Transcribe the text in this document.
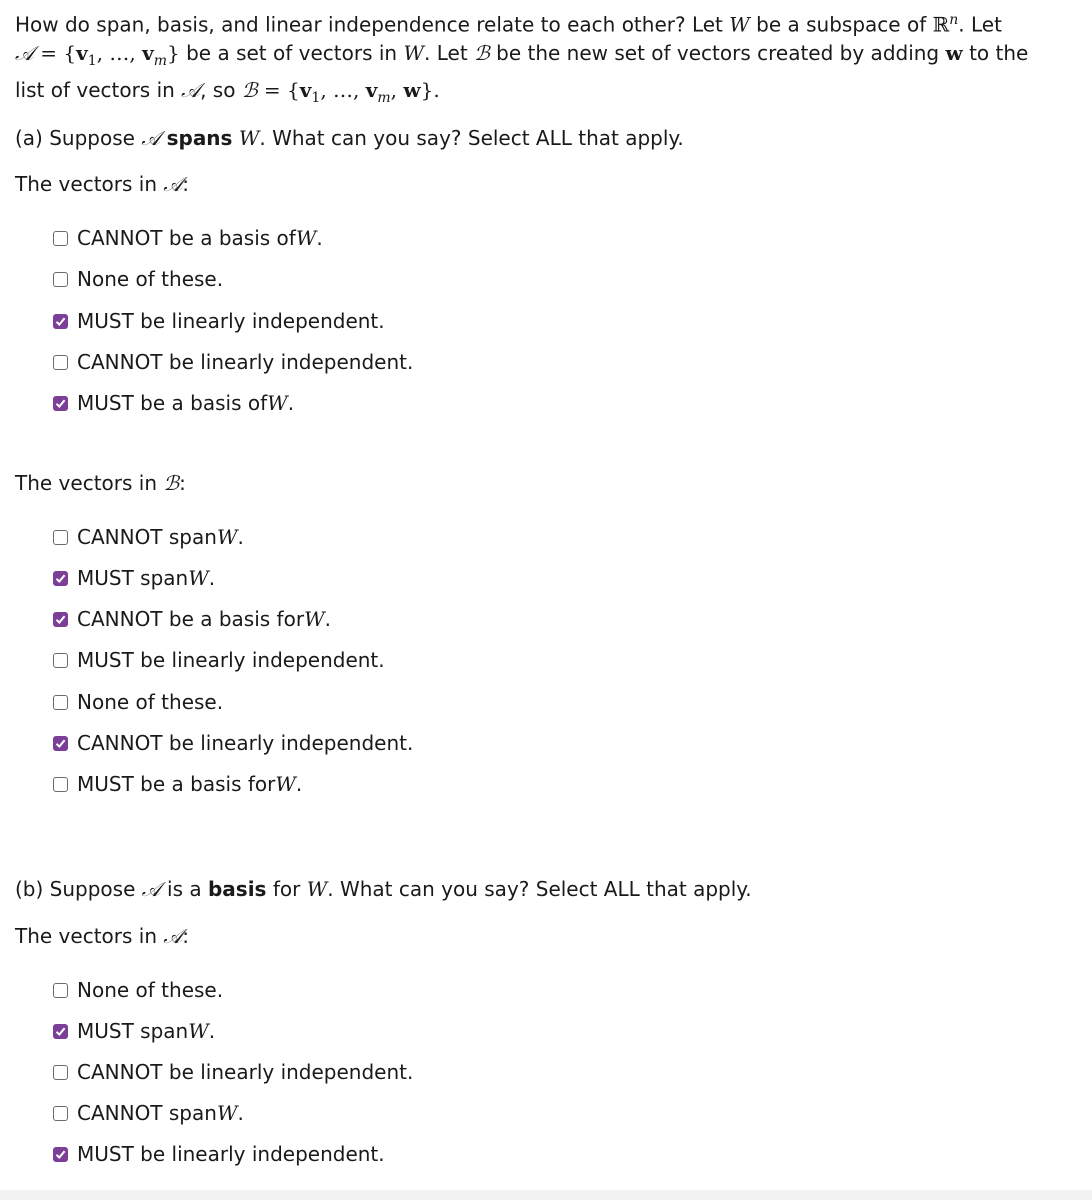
How do span, basis, and linear independence relate to each other? Let W be a subspace of ℝ$^n$. Let
𝒜 = {$v_1$, …, $v_m$} be a set of vectors in W. Let ℬ be the new set of vectors created by adding w to the
list of vectors in 𝒜, so ℬ = {$v_1$, …, $v_m$, w}.
(a) Suppose 𝒜 spans W. What can you say? Select ALL that apply.
The vectors in 𝒜:
CANNOT be a basis of W .
None of these.
MUST be linearly independent.
CANNOT be linearly independent.
MUST be a basis of W .
The vectors in ℬ:
CANNOT span W .
MUST span W .
CANNOT be a basis for W .
MUST be linearly independent.
None of these.
CANNOT be linearly independent.
MUST be a basis for W .
(b) Suppose 𝒜 is a basis for W. What can you say? Select ALL that apply.
The vectors in 𝒜:
None of these.
MUST span W .
CANNOT be linearly independent.
CANNOT span W .
MUST be linearly independent.
